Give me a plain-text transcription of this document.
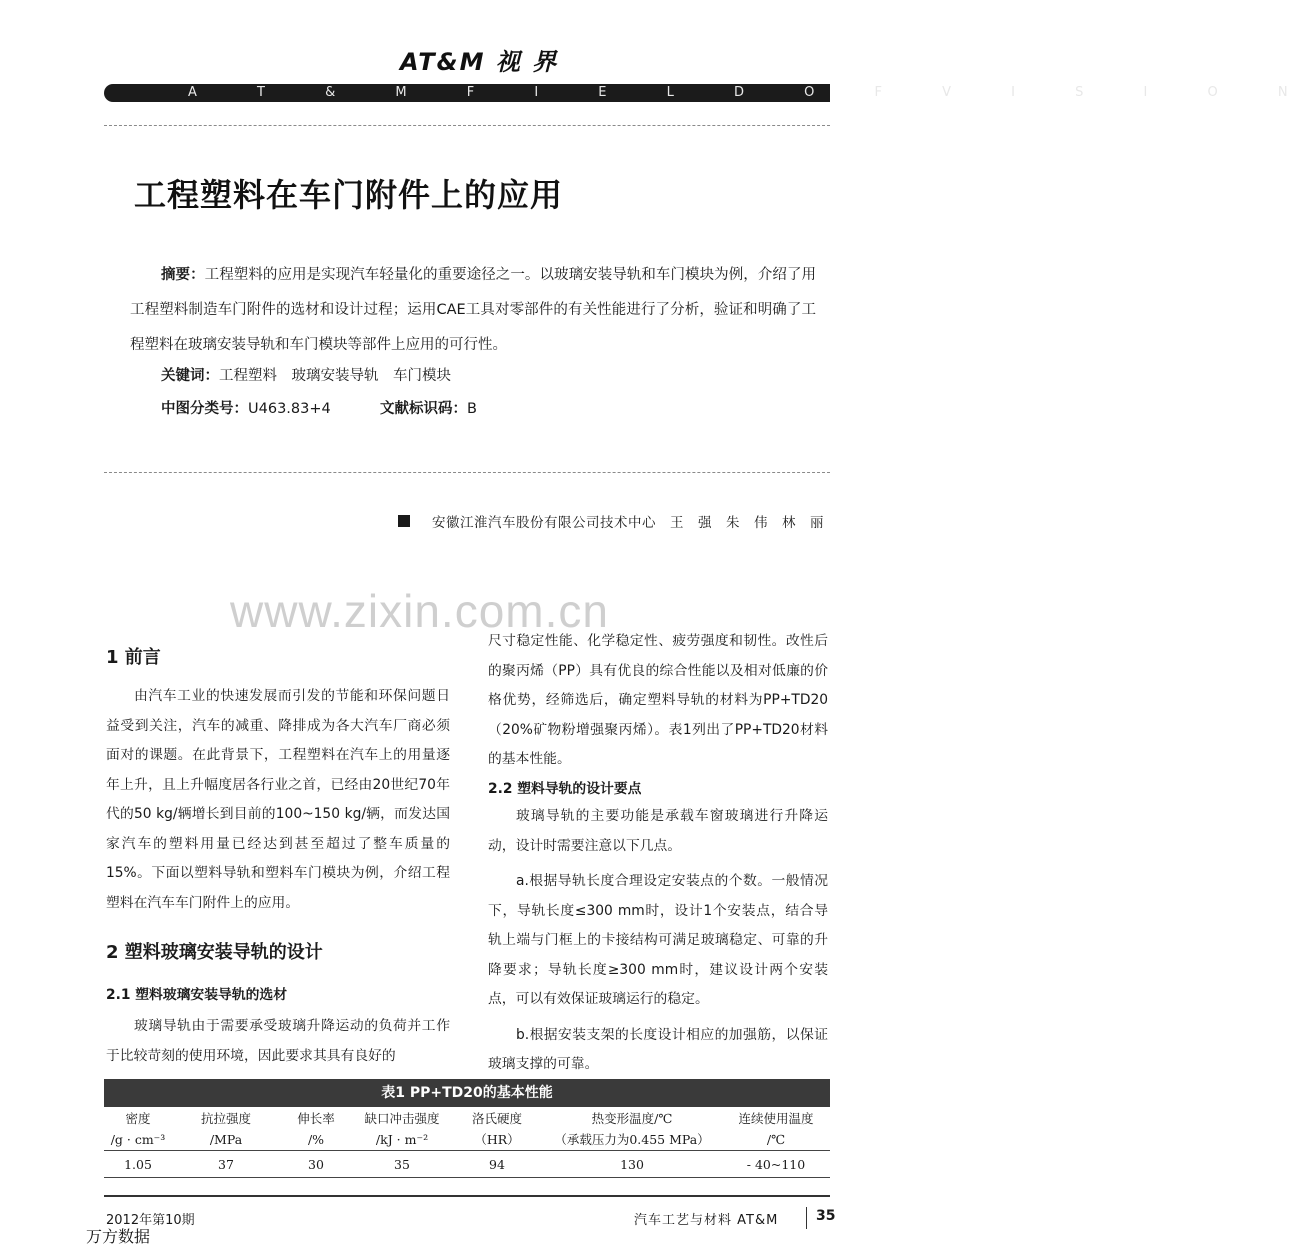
AT&M 视 界
A T & M F I E L D O F V I S I O N
工程塑料在车门附件上的应用
摘要：工程塑料的应用是实现汽车轻量化的重要途径之一。以玻璃安装导轨和车门模块为例，介绍了用工程塑料制造车门附件的选材和设计过程；运用CAE工具对零部件的有关性能进行了分析，验证和明确了工程塑料在玻璃安装导轨和车门模块等部件上应用的可行性。
关键词：工程塑料　玻璃安装导轨　车门模块
中图分类号：U463.83+4	文献标识码：B
安徽江淮汽车股份有限公司技术中心　王　强　朱　伟　林　丽
www.zixin.com.cn
1 前言

由汽车工业的快速发展而引发的节能和环保问题日益受到关注，汽车的减重、降排成为各大汽车厂商必须面对的课题。在此背景下，工程塑料在汽车上的用量逐年上升，且上升幅度居各行业之首，已经由20世纪70年代的50 kg/辆增长到目前的100~150 kg/辆，而发达国家汽车的塑料用量已经达到甚至超过了整车质量的15%。下面以塑料导轨和塑料车门模块为例，介绍工程塑料在汽车车门附件上的应用。

2 塑料玻璃安装导轨的设计
2.1 塑料玻璃安装导轨的选材

玻璃导轨由于需要承受玻璃升降运动的负荷并工作于比较苛刻的使用环境，因此要求其具有良好的

尺寸稳定性能、化学稳定性、疲劳强度和韧性。改性后的聚丙烯（PP）具有优良的综合性能以及相对低廉的价格优势，经筛选后，确定塑料导轨的材料为PP+TD20（20%矿物粉增强聚丙烯）。表1列出了PP+TD20材料的基本性能。

2.2 塑料导轨的设计要点

玻璃导轨的主要功能是承载车窗玻璃进行升降运动，设计时需要注意以下几点。

a.根据导轨长度合理设定安装点的个数。一般情况下，导轨长度≤300 mm时，设计1个安装点，结合导轨上端与门框上的卡接结构可满足玻璃稳定、可靠的升降要求；导轨长度≥300 mm时，建议设计两个安装点，可以有效保证玻璃运行的稳定。

b.根据安装支架的长度设计相应的加强筋，以保证玻璃支撑的可靠。

表1 PP+TD20的基本性能
密度	抗拉强度	伸长率	缺口冲击强度	洛氏硬度	热变形温度/℃	连续使用温度
/g · cm⁻³	/MPa	/%	/kJ · m⁻²	（HR）	（承载压力为0.455 MPa）	/℃
1.05	37	30	35	94	130	- 40~110
2012年第10期	汽车工艺与材料 AT&M	35
万方数据
